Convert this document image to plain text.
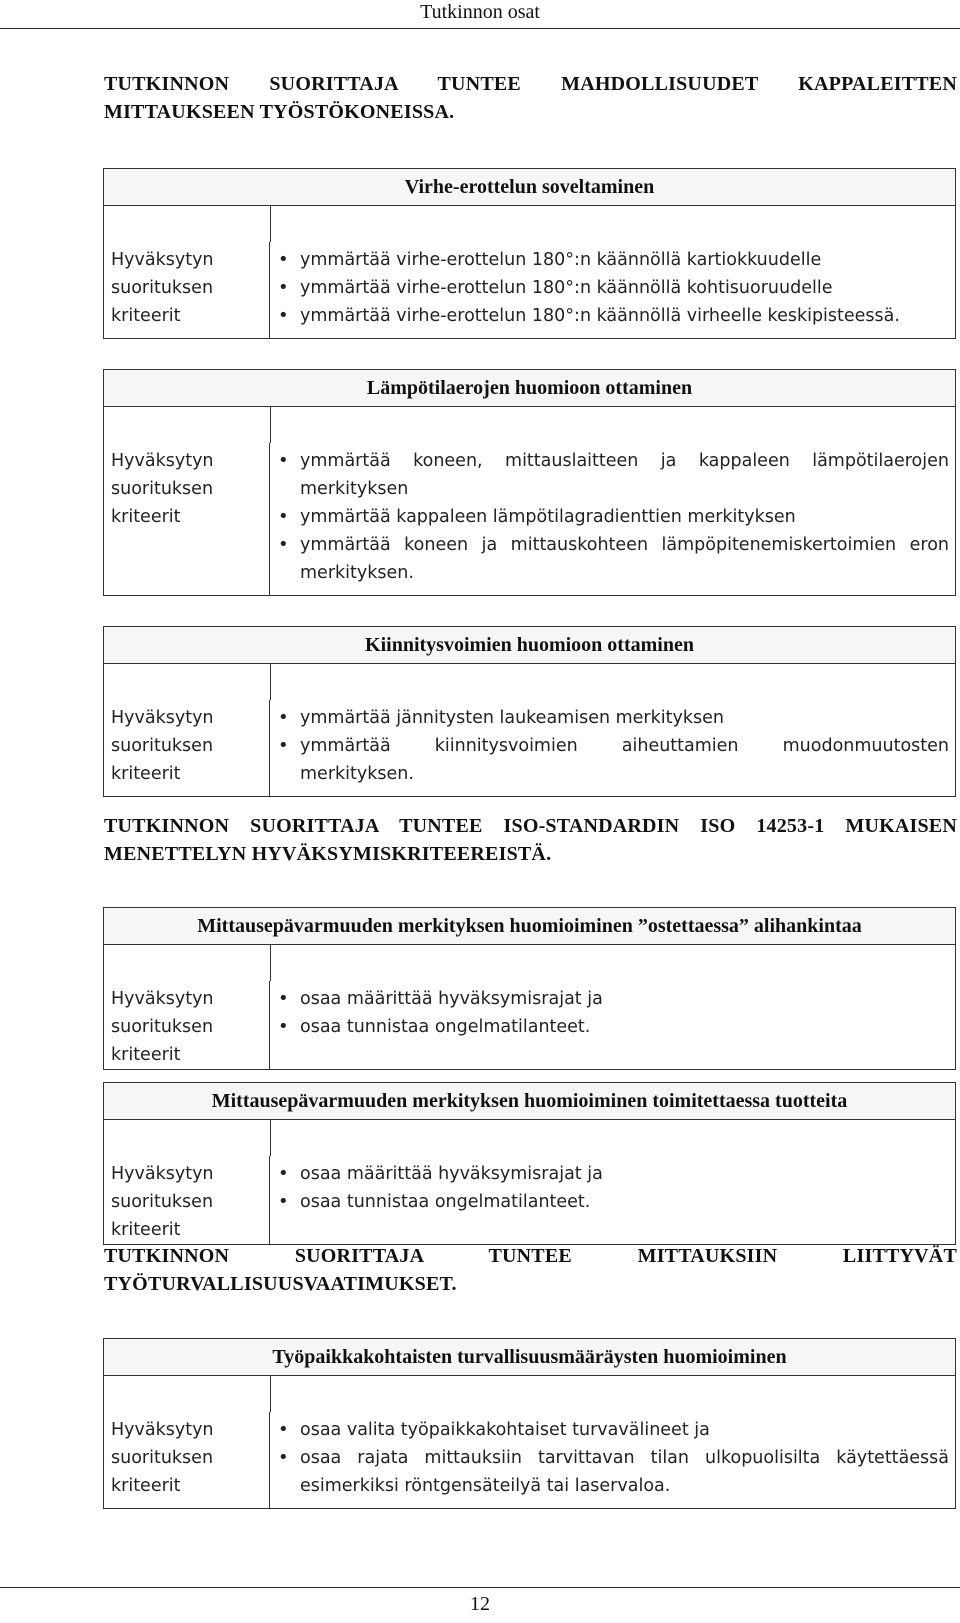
Tutkinnon osat
TUTKINNON SUORITTAJA TUNTEE MAHDOLLISUUDET KAPPALEITTEN MITTAUKSEEN TYÖSTÖKONEISSA.
Virhe-erottelun soveltaminen
Hyväksytyn suorituksen kriteerit
• ymmärtää virhe-erottelun 180°:n käännöllä kartiokkuudelle
• ymmärtää virhe-erottelun 180°:n käännöllä kohtisuoruudelle
• ymmärtää virhe-erottelun 180°:n käännöllä virheelle keskipisteessä.
Lämpötilaerojen huomioon ottaminen
Hyväksytyn suorituksen kriteerit
• ymmärtää koneen, mittauslaitteen ja kappaleen lämpötilaerojen merkityksen
• ymmärtää kappaleen lämpötilagradienttien merkityksen
• ymmärtää koneen ja mittauskohteen lämpöpitenemiskertoimien eron merkityksen.
Kiinnitysvoimien huomioon ottaminen
Hyväksytyn suorituksen kriteerit
• ymmärtää jännitysten laukeamisen merkityksen
• ymmärtää kiinnitysvoimien aiheuttamien muodonmuutosten merkityksen.
TUTKINNON SUORITTAJA TUNTEE ISO-STANDARDIN ISO 14253-1 MUKAISEN MENETTELYN HYVÄKSYMISKRITEEREISTÄ.
Mittausepävarmuuden merkityksen huomioiminen ”ostettaessa” alihankintaa
Hyväksytyn suorituksen kriteerit
• osaa määrittää hyväksymisrajat ja
• osaa tunnistaa ongelmatilanteet.
Mittausepävarmuuden merkityksen huomioiminen toimitettaessa tuotteita
Hyväksytyn suorituksen kriteerit
• osaa määrittää hyväksymisrajat ja
• osaa tunnistaa ongelmatilanteet.
TUTKINNON SUORITTAJA TUNTEE MITTAUKSIIN LIITTYVÄT TYÖTURVALLISUUSVAATIMUKSET.
Työpaikkakohtaisten turvallisuusmääräysten huomioiminen
Hyväksytyn suorituksen kriteerit
• osaa valita työpaikkakohtaiset turvavälineet ja
• osaa rajata mittauksiin tarvittavan tilan ulkopuolisilta käytettäessä esimerkiksi röntgensäteilyä tai laservaloa.
12
